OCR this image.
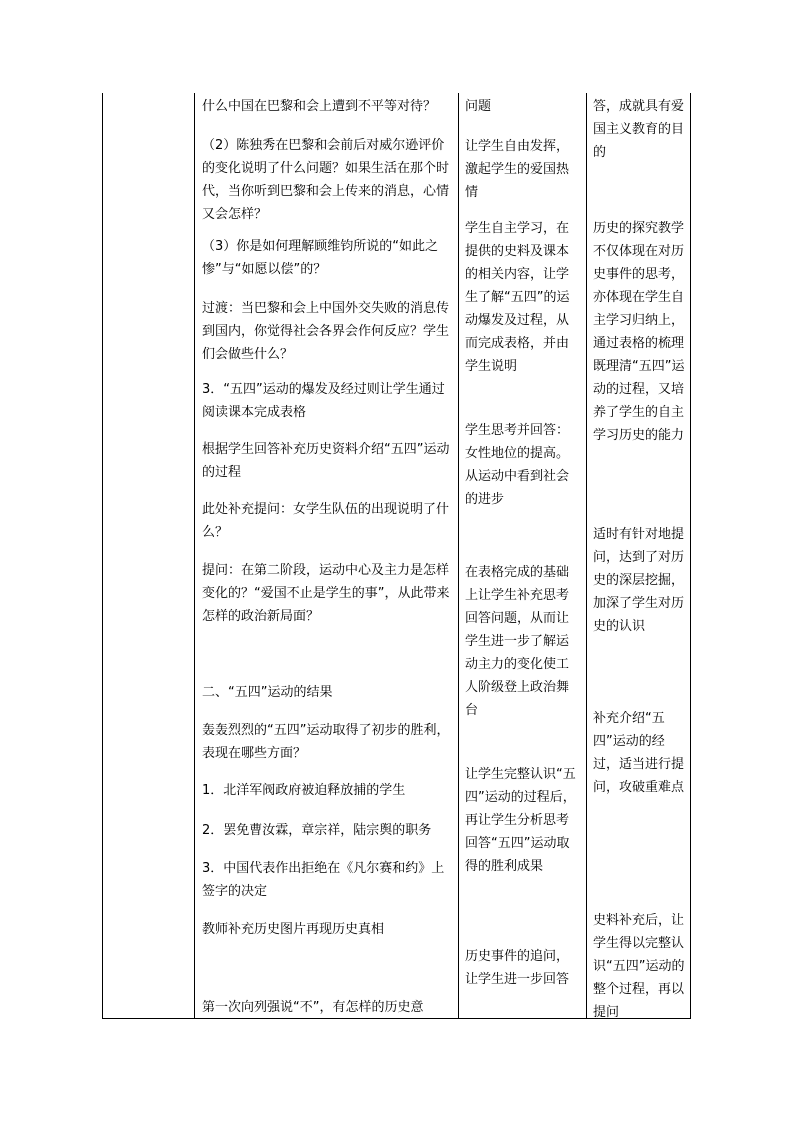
什么中国在巴黎和会上遭到不平等对待？

（2）陈独秀在巴黎和会前后对威尔逊评价的变化说明了什么问题？如果生活在那个时代，当你听到巴黎和会上传来的消息，心情又会怎样？

（3）你是如何理解顾维钧所说的“如此之惨”与“如愿以偿”的？

过渡：当巴黎和会上中国外交失败的消息传到国内，你觉得社会各界会作何反应？学生们会做些什么？

3．“五四”运动的爆发及经过则让学生通过阅读课本完成表格

根据学生回答补充历史资料介绍“五四”运动的过程

此处补充提问：女学生队伍的出现说明了什么？

提问：在第二阶段，运动中心及主力是怎样变化的？“爱国不止是学生的事”，从此带来怎样的政治新局面？

二、“五四”运动的结果

轰轰烈烈的“五四”运动取得了初步的胜利，表现在哪些方面？

1．北洋军阀政府被迫释放捕的学生

2．罢免曹汝霖，章宗祥，陆宗舆的职务

3．中国代表作出拒绝在《凡尔赛和约》上签字的决定

教师补充历史图片再现历史真相

第一次向列强说“不”，有怎样的历史意

问题

让学生自由发挥，激起学生的爱国热情

学生自主学习，在提供的史料及课本的相关内容，让学生了解“五四”的运动爆发及过程，从而完成表格，并由学生说明

学生思考并回答：女性地位的提高。从运动中看到社会的进步

在表格完成的基础上让学生补充思考回答问题，从而让学生进一步了解运动主力的变化使工人阶级登上政治舞台

让学生完整认识“五四”运动的过程后，再让学生分析思考回答“五四”运动取得的胜利成果

历史事件的追问，让学生进一步回答

答，成就具有爱国主义教育的目的

历史的探究教学不仅体现在对历史事件的思考，亦体现在学生自主学习归纳上，通过表格的梳理既理清“五四”运动的过程，又培养了学生的自主学习历史的能力

适时有针对地提问，达到了对历史的深层挖掘，加深了学生对历史的认识

补充介绍“五四”运动的经过，适当进行提问，攻破重难点

史料补充后，让学生得以完整认识“五四”运动的整个过程，再以提问
